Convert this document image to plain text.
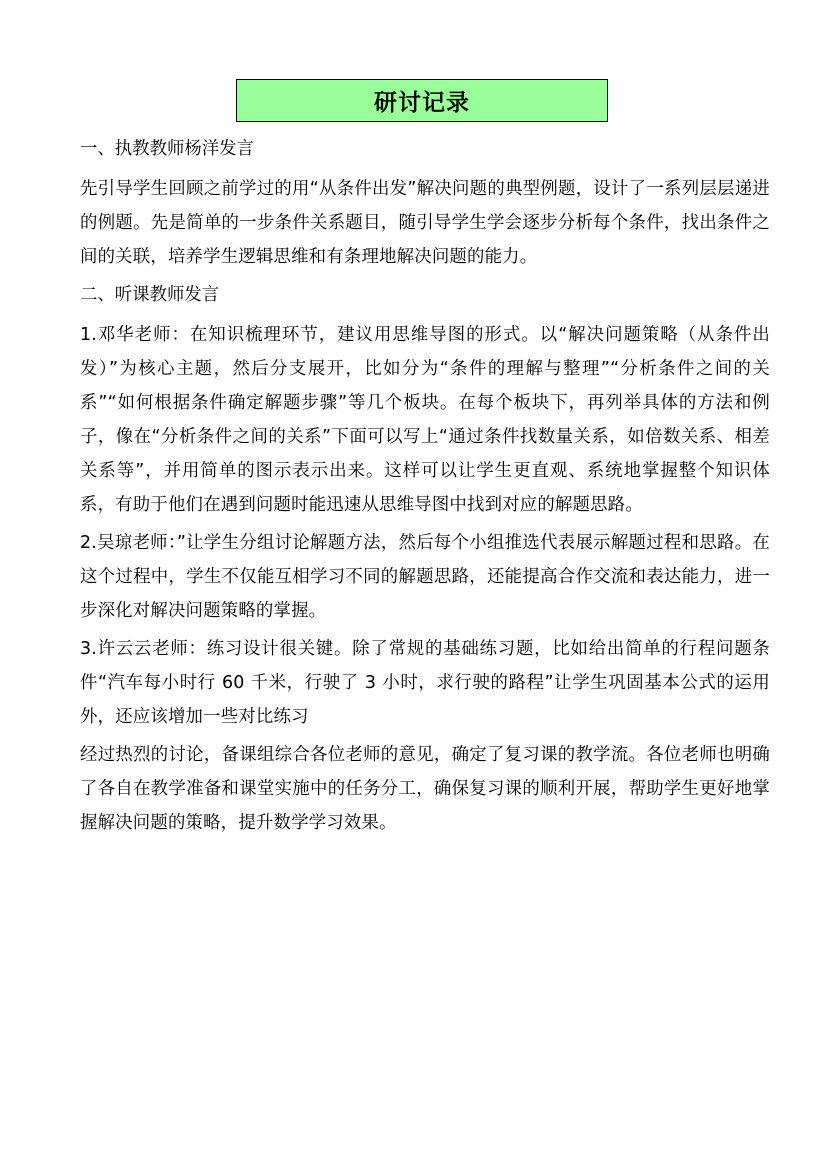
研讨记录
一、执教教师杨洋发言

先引导学生回顾之前学过的用“从条件出发”解决问题的典型例题，设计了一系列层层递进的例题。先是简单的一步条件关系题目，随引导学生学会逐步分析每个条件，找出条件之间的关联，培养学生逻辑思维和有条理地解决问题的能力。

二、听课教师发言

1.邓华老师：在知识梳理环节，建议用思维导图的形式。以“解决问题策略（从条件出发）”为核心主题，然后分支展开，比如分为“条件的理解与整理”“分析条件之间的关系”“如何根据条件确定解题步骤”等几个板块。在每个板块下，再列举具体的方法和例子，像在“分析条件之间的关系”下面可以写上“通过条件找数量关系，如倍数关系、相差关系等”，并用简单的图示表示出来。这样可以让学生更直观、系统地掌握整个知识体系，有助于他们在遇到问题时能迅速从思维导图中找到对应的解题思路。

2.吴琼老师：”让学生分组讨论解题方法，然后每个小组推选代表展示解题过程和思路。在这个过程中，学生不仅能互相学习不同的解题思路，还能提高合作交流和表达能力，进一步深化对解决问题策略的掌握。

3.许云云老师：练习设计很关键。除了常规的基础练习题，比如给出简单的行程问题条件“汽车每小时行 60 千米，行驶了 3 小时，求行驶的路程”让学生巩固基本公式的运用外，还应该增加一些对比练习

经过热烈的讨论，备课组综合各位老师的意见，确定了复习课的教学流。各位老师也明确了各自在教学准备和课堂实施中的任务分工，确保复习课的顺利开展，帮助学生更好地掌握解决问题的策略，提升数学学习效果。
